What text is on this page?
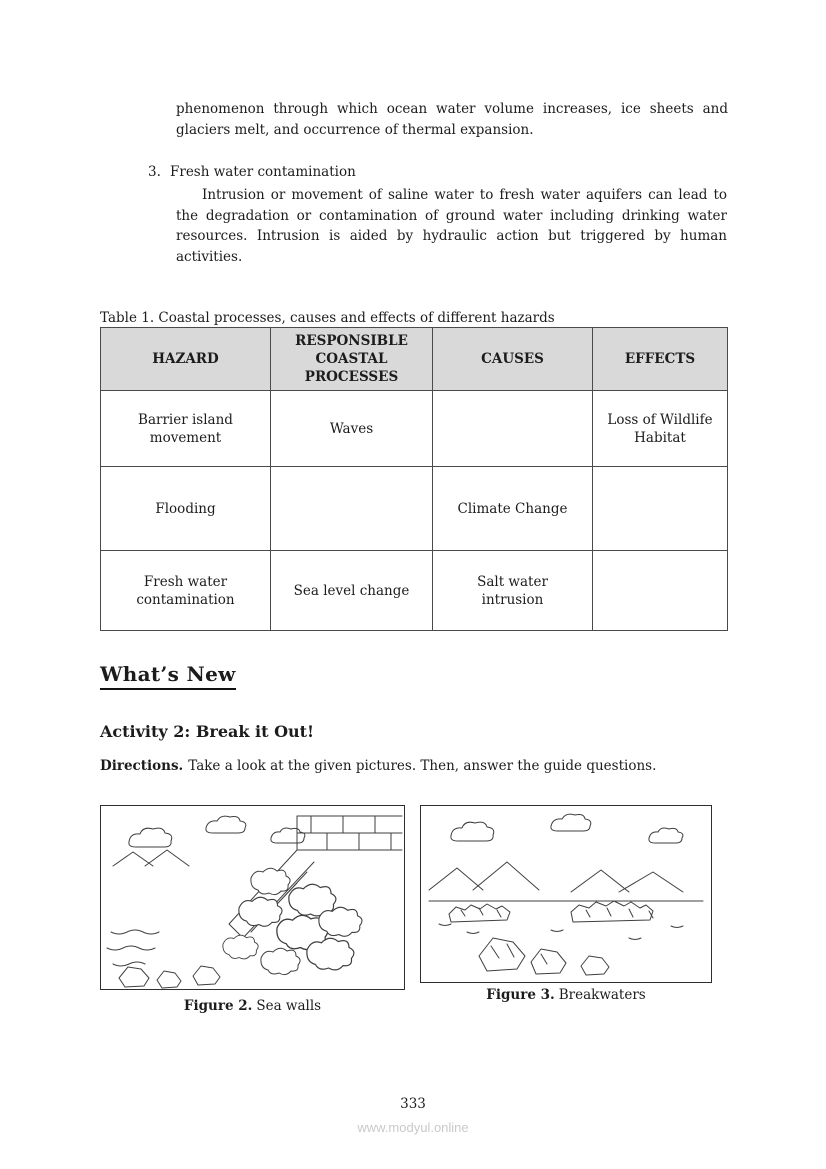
phenomenon through which ocean water volume increases, ice sheets and glaciers melt, and occurrence of thermal expansion.
3. Fresh water contamination
Intrusion or movement of saline water to fresh water aquifers can lead to the degradation or contamination of ground water including drinking water resources. Intrusion is aided by hydraulic action but triggered by human activities.
Table 1. Coastal processes, causes and effects of different hazards
HAZARD	RESPONSIBLE COASTAL PROCESSES	CAUSES	EFFECTS
Barrier island movement	Waves		Loss of Wildlife Habitat
Flooding		Climate Change	
Fresh water contamination	Sea level change	Salt water intrusion	
What’s New
Activity 2: Break it Out!
Directions. Take a look at the given pictures. Then, answer the guide questions.
Figure 2. Sea walls
Figure 3. Breakwaters
333
www.modyul.online
